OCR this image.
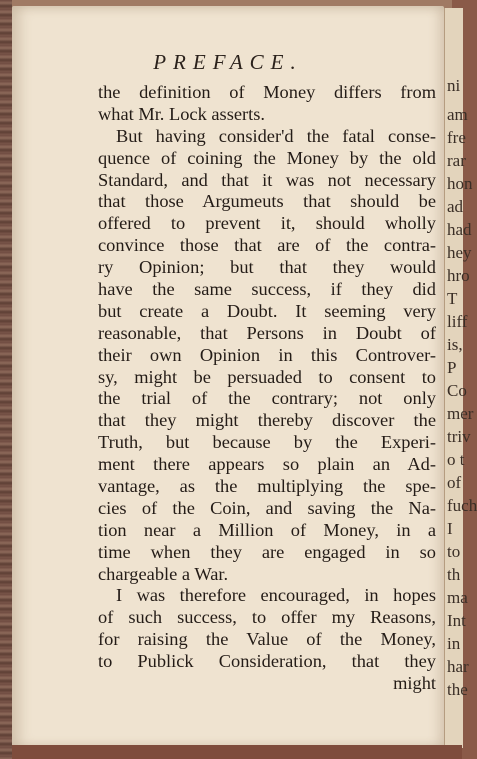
PREFACE.
the definition of Money differs from
what Mr. Lock asserts.
But having consider'd the fatal conse-
quence of coining the Money by the old
Standard, and that it was not necessary
that those Argumeuts that should be
offered to prevent it, should wholly
convince those that are of the contra-
ry Opinion; but that they would
have the same success, if they did
but create a Doubt. It seeming very
reasonable, that Persons in Doubt of
their own Opinion in this Controver-
sy, might be persuaded to consent to
the trial of the contrary; not only
that they might thereby discover the
Truth, but because by the Experi-
ment there appears so plain an Ad-
vantage, as the multiplying the spe-
cies of the Coin, and saving the Na-
tion near a Million of Money, in a
time when they are engaged in so
chargeable a War.
I was therefore encouraged, in hopes
of such success, to offer my Reasons,
for raising the Value of the Money,
to Publick Consideration, that they
might
ni
am
fre
rar
hon
ad
had
hey
hro
T
liff
is,
P
Co
mer
triv
o t
of
fuch
I
to
th
ma
Int
in
har
the
